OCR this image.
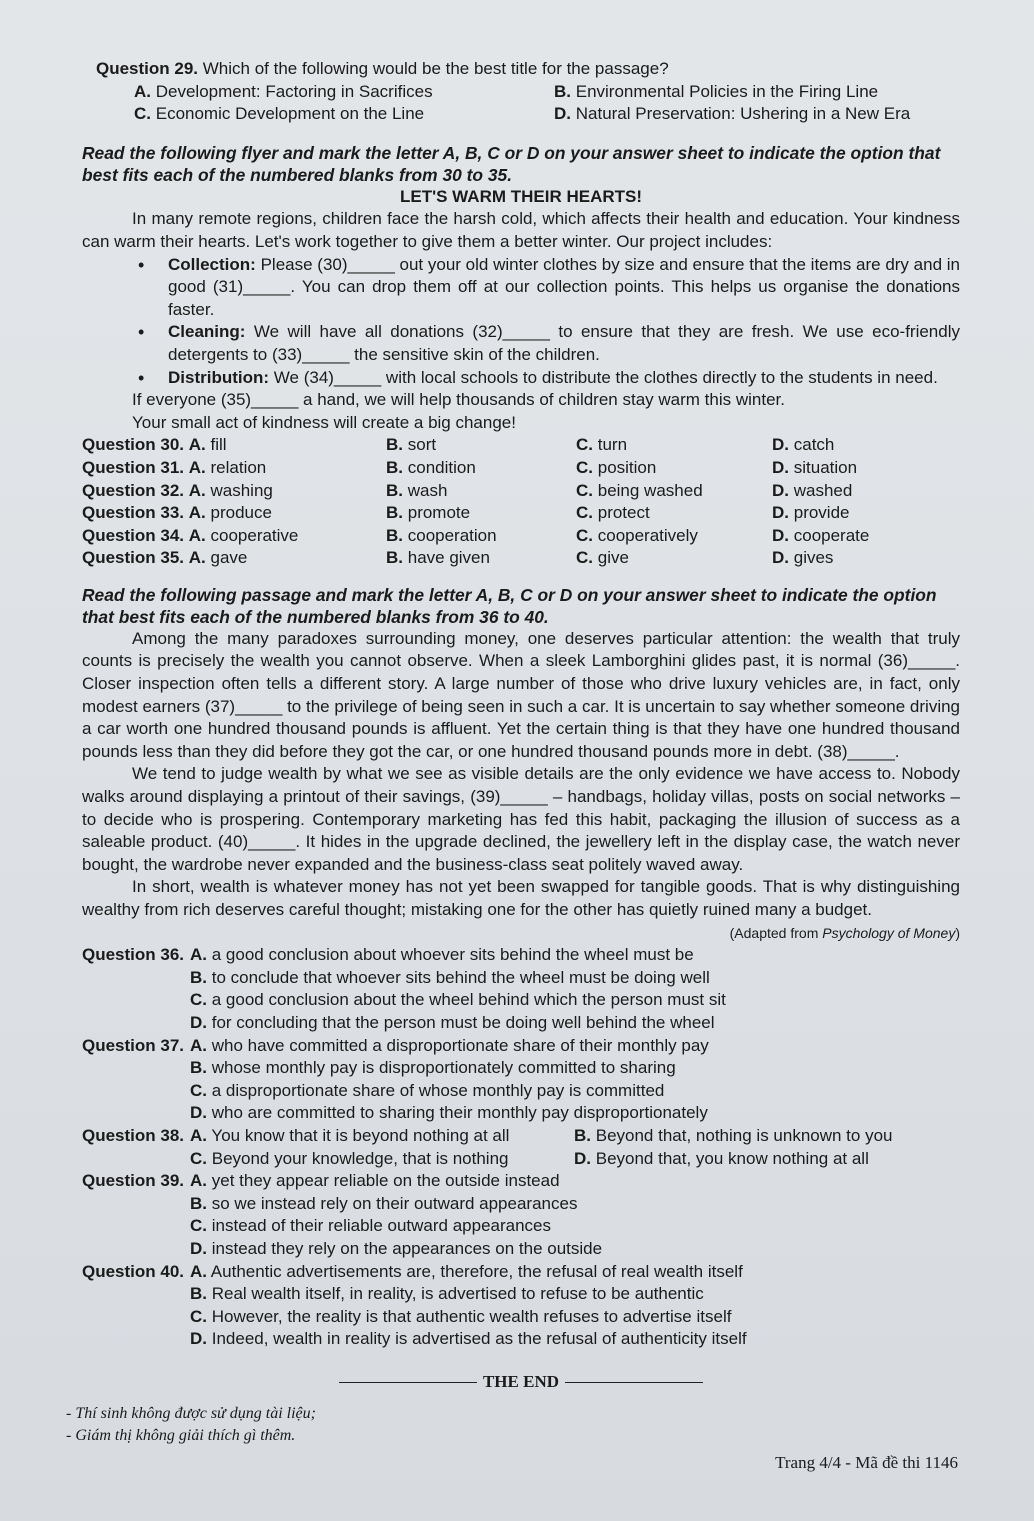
Question 29. Which of the following would be the best title for the passage?
A. Development: Factoring in Sacrifices	B. Environmental Policies in the Firing Line
C. Economic Development on the Line	D. Natural Preservation: Ushering in a New Era
Read the following flyer and mark the letter A, B, C or D on your answer sheet to indicate the option that best fits each of the numbered blanks from 30 to 35.
LET'S WARM THEIR HEARTS!
In many remote regions, children face the harsh cold, which affects their health and education. Your kindness can warm their hearts. Let's work together to give them a better winter. Our project includes:
• Collection: Please (30)_____ out your old winter clothes by size and ensure that the items are dry and in good (31)_____. You can drop them off at our collection points. This helps us organise the donations faster.
• Cleaning: We will have all donations (32)_____ to ensure that they are fresh. We use eco-friendly detergents to (33)_____ the sensitive skin of the children.
• Distribution: We (34)_____ with local schools to distribute the clothes directly to the students in need.
If everyone (35)_____ a hand, we will help thousands of children stay warm this winter.
Your small act of kindness will create a big change!
Question 30. A. fill	B. sort	C. turn	D. catch
Question 31. A. relation	B. condition	C. position	D. situation
Question 32. A. washing	B. wash	C. being washed	D. washed
Question 33. A. produce	B. promote	C. protect	D. provide
Question 34. A. cooperative	B. cooperation	C. cooperatively	D. cooperate
Question 35. A. gave	B. have given	C. give	D. gives
Read the following passage and mark the letter A, B, C or D on your answer sheet to indicate the option that best fits each of the numbered blanks from 36 to 40.
Among the many paradoxes surrounding money, one deserves particular attention: the wealth that truly counts is precisely the wealth you cannot observe. When a sleek Lamborghini glides past, it is normal (36)_____. Closer inspection often tells a different story. A large number of those who drive luxury vehicles are, in fact, only modest earners (37)_____ to the privilege of being seen in such a car. It is uncertain to say whether someone driving a car worth one hundred thousand pounds is affluent. Yet the certain thing is that they have one hundred thousand pounds less than they did before they got the car, or one hundred thousand pounds more in debt. (38)_____.
We tend to judge wealth by what we see as visible details are the only evidence we have access to. Nobody walks around displaying a printout of their savings, (39)_____ – handbags, holiday villas, posts on social networks – to decide who is prospering. Contemporary marketing has fed this habit, packaging the illusion of success as a saleable product. (40)_____. It hides in the upgrade declined, the jewellery left in the display case, the watch never bought, the wardrobe never expanded and the business-class seat politely waved away.
In short, wealth is whatever money has not yet been swapped for tangible goods. That is why distinguishing wealthy from rich deserves careful thought; mistaking one for the other has quietly ruined many a budget.
(Adapted from Psychology of Money)
Question 36. A. a good conclusion about whoever sits behind the wheel must be
B. to conclude that whoever sits behind the wheel must be doing well
C. a good conclusion about the wheel behind which the person must sit
D. for concluding that the person must be doing well behind the wheel
Question 37. A. who have committed a disproportionate share of their monthly pay
B. whose monthly pay is disproportionately committed to sharing
C. a disproportionate share of whose monthly pay is committed
D. who are committed to sharing their monthly pay disproportionately
Question 38. A. You know that it is beyond nothing at all	B. Beyond that, nothing is unknown to you
C. Beyond your knowledge, that is nothing	D. Beyond that, you know nothing at all
Question 39. A. yet they appear reliable on the outside instead
B. so we instead rely on their outward appearances
C. instead of their reliable outward appearances
D. instead they rely on the appearances on the outside
Question 40. A. Authentic advertisements are, therefore, the refusal of real wealth itself
B. Real wealth itself, in reality, is advertised to refuse to be authentic
C. However, the reality is that authentic wealth refuses to advertise itself
D. Indeed, wealth in reality is advertised as the refusal of authenticity itself
THE END
- Thí sinh không được sử dụng tài liệu;
- Giám thị không giải thích gì thêm.
Trang 4/4 - Mã đề thi 1146
